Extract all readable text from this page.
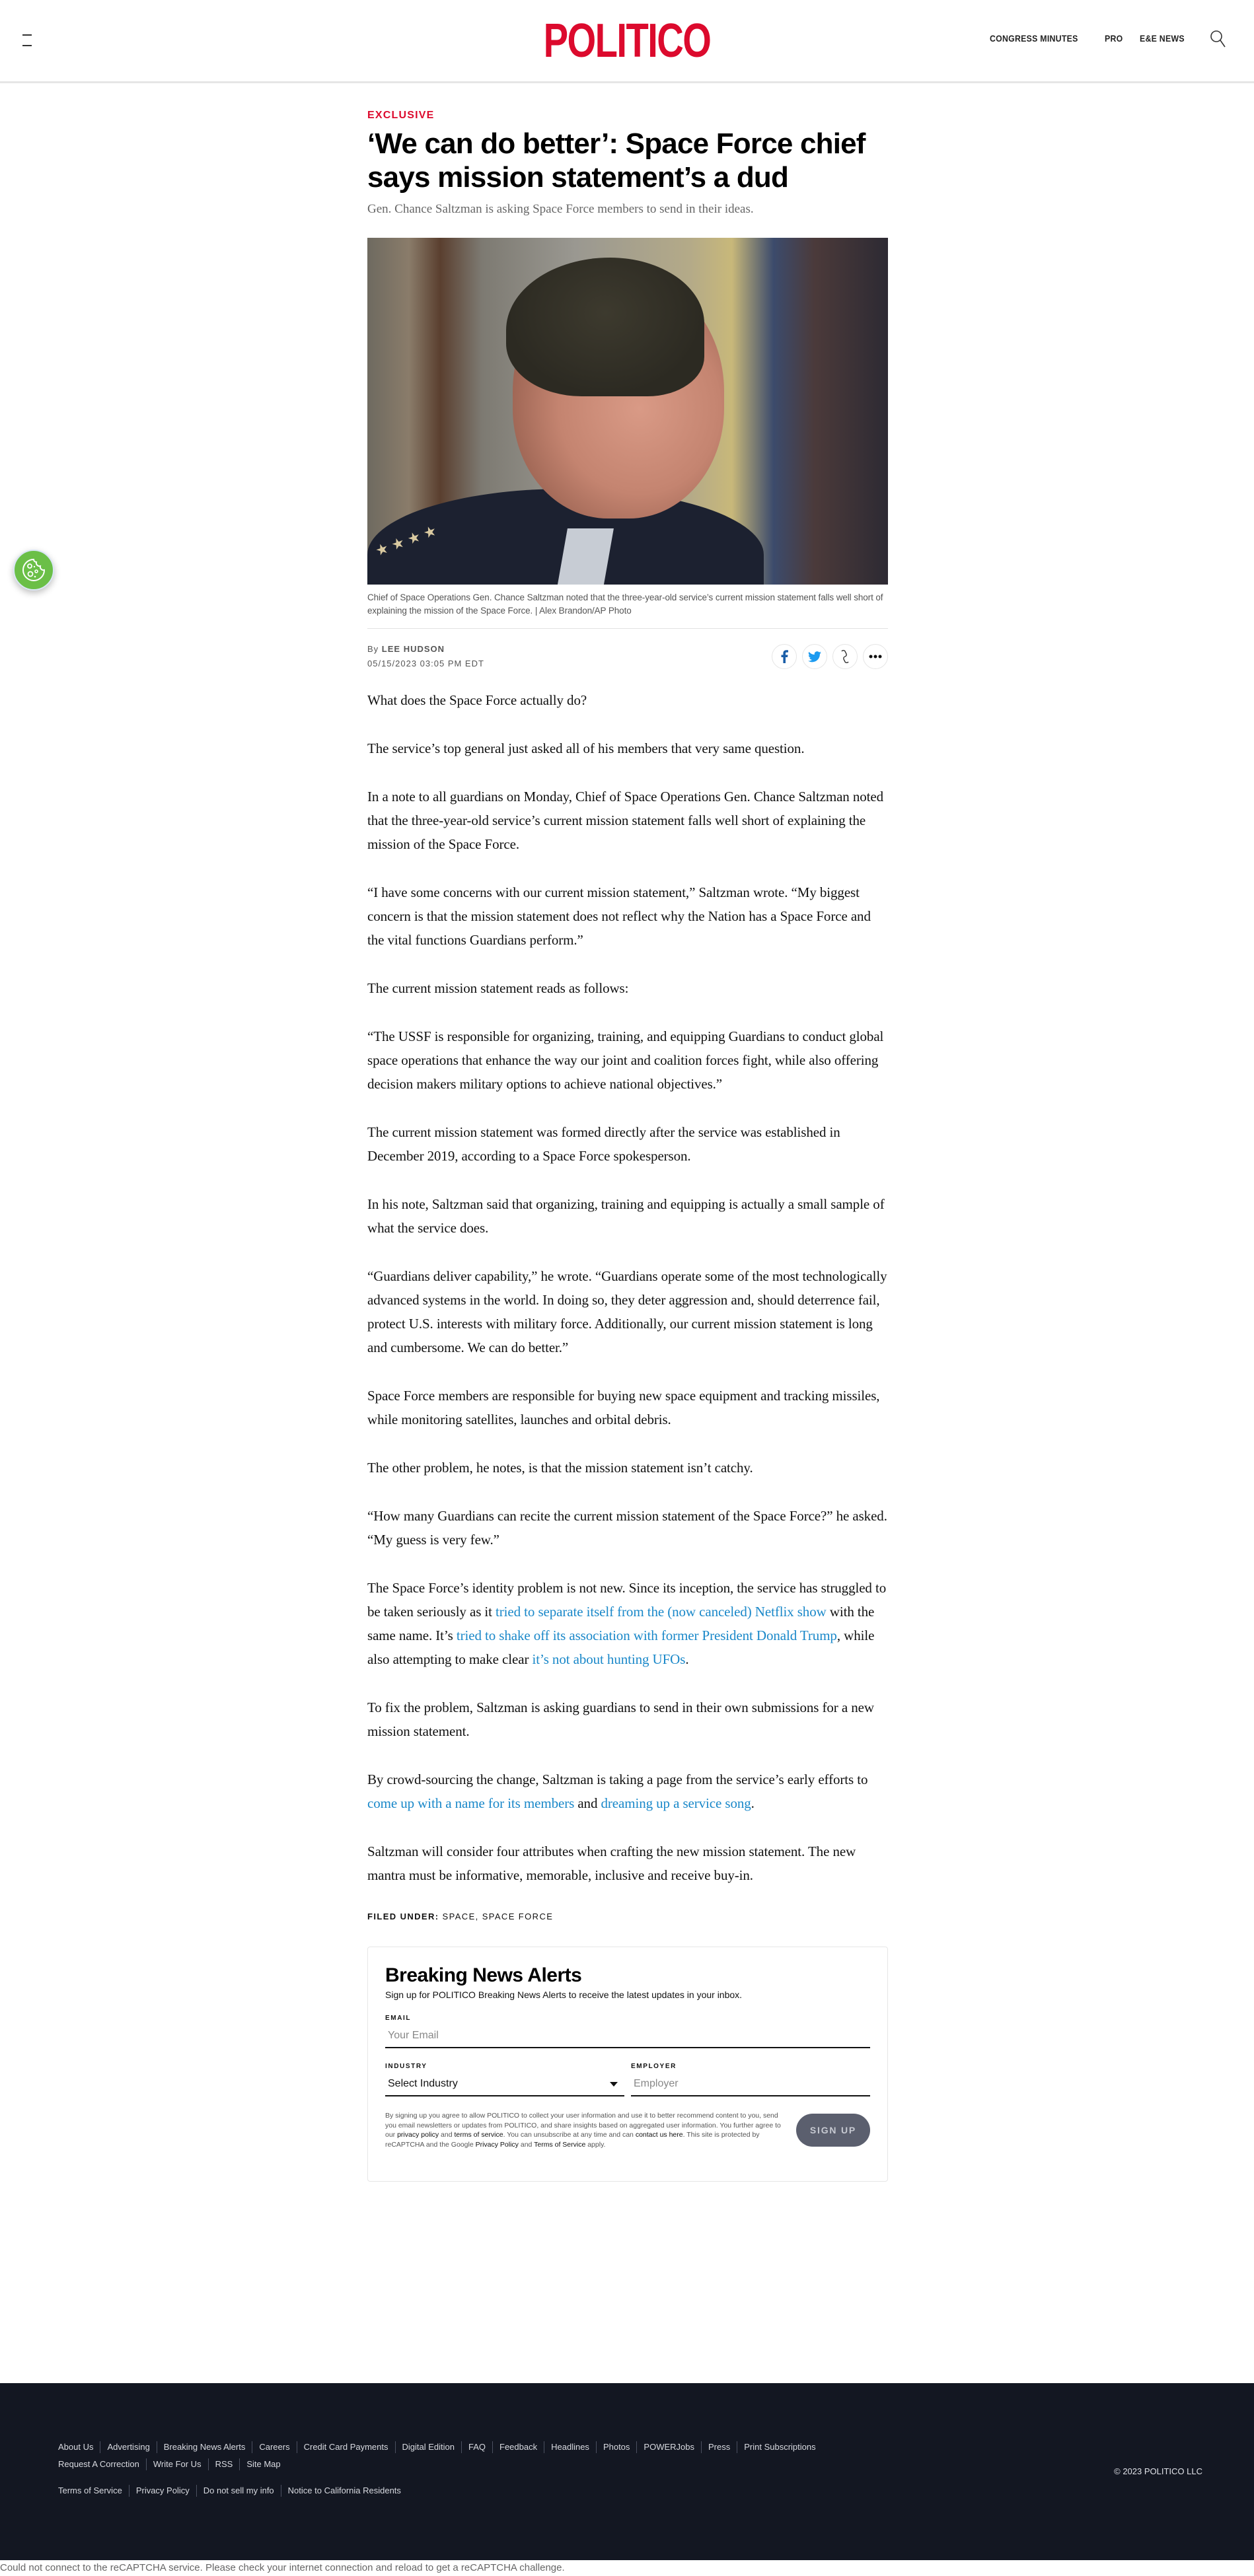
POLITICO	CONGRESS MINUTES	PRO E&E NEWS
EXCLUSIVE
‘We can do better’: Space Force chief says mission statement’s a dud
Gen. Chance Saltzman is asking Space Force members to send in their ideas.
★★★★
Chief of Space Operations Gen. Chance Saltzman noted that the three-year-old service’s current mission statement falls well short of explaining the mission of the Space Force. | Alex Brandon/AP Photo
By LEE HUDSON
05/15/2023 03:05 PM EDT

What does the Space Force actually do?

The service’s top general just asked all of his members that very same question.

In a note to all guardians on Monday, Chief of Space Operations Gen. Chance Saltzman noted that the three-year-old service’s current mission statement falls well short of explaining the mission of the Space Force.

“I have some concerns with our current mission statement,” Saltzman wrote. “My biggest concern is that the mission statement does not reflect why the Nation has a Space Force and the vital functions Guardians perform.”

The current mission statement reads as follows:

“The USSF is responsible for organizing, training, and equipping Guardians to conduct global space operations that enhance the way our joint and coalition forces fight, while also offering decision makers military options to achieve national objectives.”

The current mission statement was formed directly after the service was established in December 2019, according to a Space Force spokesperson.

In his note, Saltzman said that organizing, training and equipping is actually a small sample of what the service does.

“Guardians deliver capability,” he wrote. “Guardians operate some of the most technologically advanced systems in the world. In doing so, they deter aggression and, should deterrence fail, protect U.S. interests with military force. Additionally, our current mission statement is long and cumbersome. We can do better.”

Space Force members are responsible for buying new space equipment and tracking missiles, while monitoring satellites, launches and orbital debris.

The other problem, he notes, is that the mission statement isn’t catchy.

“How many Guardians can recite the current mission statement of the Space Force?” he asked. “My guess is very few.”

The Space Force’s identity problem is not new. Since its inception, the service has struggled to be taken seriously as it tried to separate itself from the (now canceled) Netflix show with the same name. It’s tried to shake off its association with former President Donald Trump, while also attempting to make clear it’s not about hunting UFOs.

To fix the problem, Saltzman is asking guardians to send in their own submissions for a new mission statement.

By crowd-sourcing the change, Saltzman is taking a page from the service’s early efforts to come up with a name for its members and dreaming up a service song.

Saltzman will consider four attributes when crafting the new mission statement. The new mantra must be informative, memorable, inclusive and receive buy-in.

FILED UNDER: SPACE, SPACE FORCE
Breaking News Alerts
Sign up for POLITICO Breaking News Alerts to receive the latest updates in your inbox.
EMAIL
Your Email
INDUSTRY
Select Industry
EMPLOYER
Employer
By signing up you agree to allow POLITICO to collect your user information and use it to better recommend content to you, send you email newsletters or updates from POLITICO, and share insights based on aggregated user information. You further agree to our privacy policy and terms of service. You can unsubscribe at any time and can contact us here. This site is protected by reCAPTCHA and the Google Privacy Policy and Terms of Service apply.
SIGN UP
About Us	Advertising	Breaking News Alerts	Careers	Credit Card Payments	Digital Edition	FAQ	Feedback	Headlines	Photos	POWERJobs	Press	Print Subscriptions
Request A Correction	Write For Us	RSS	Site Map
Terms of Service	Privacy Policy	Do not sell my info	Notice to California Residents
© 2023 POLITICO LLC
Could not connect to the reCAPTCHA service. Please check your internet connection and reload to get a reCAPTCHA challenge.
